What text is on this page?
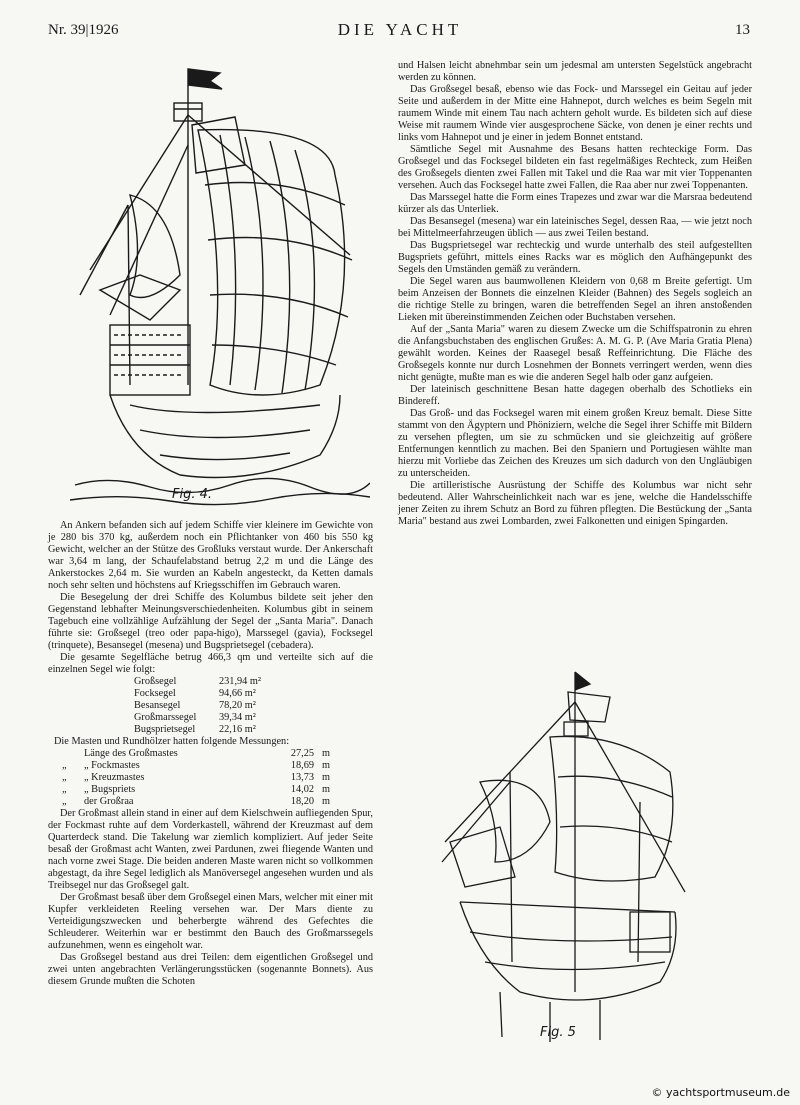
Nr. 39|1926	DIE YACHT	13
Fig. 4.

An Ankern befanden sich auf jedem Schiffe vier kleinere im Gewichte von je 280 bis 370 kg, außerdem noch ein Pflichtanker von 460 bis 550 kg Gewicht, welcher an der Stütze des Großluks verstaut wurde. Der Ankerschaft war 3,64 m lang, der Schaufelabstand betrug 2,2 m und die Länge des Ankerstockes 2,64 m. Sie wurden an Kabeln angesteckt, da Ketten damals noch sehr selten und höchstens auf Kriegsschiffen im Gebrauch waren.

Die Besegelung der drei Schiffe des Kolumbus bildete seit jeher den Gegenstand lebhafter Meinungsverschiedenheiten. Kolumbus gibt in seinem Tagebuch eine vollzählige Aufzählung der Segel der „Santa Maria". Danach führte sie: Großsegel (treo oder papa-higo), Marssegel (gavia), Focksegel (trinquete), Besansegel (mesena) und Bugsprietsegel (cebadera).

Die gesamte Segelfläche betrug 466,3 qm und verteilte sich auf die einzelnen Segel wie folgt:

Großsegel	231,94 m²
Focksegel	94,66 m²
Besansegel	78,20 m²
Großmarssegel	39,34 m²
Bugsprietsegel	22,16 m²

Die Masten und Rundhölzer hatten folgende Messungen:

Länge des Großmastes	27,25 m
„	„ Fockmastes	18,69 m
„	„ Kreuzmastes	13,73 m
„	„ Bugspriets	14,02 m
„	der Großraa	18,20 m

Der Großmast allein stand in einer auf dem Kielschwein aufliegenden Spur, der Fockmast ruhte auf dem Vorderkastell, während der Kreuzmast auf dem Quarterdeck stand. Die Takelung war ziemlich kompliziert. Auf jeder Seite besaß der Großmast acht Wanten, zwei Pardunen, zwei fliegende Wanten und nach vorne zwei Stage. Die beiden anderen Maste waren nicht so vollkommen abgestagt, da ihre Segel lediglich als Manöversegel angesehen wurden und als Treibsegel nur das Großsegel galt.

Der Großmast besaß über dem Großsegel einen Mars, welcher mit einer mit Kupfer verkleideten Reeling versehen war. Der Mars diente zu Verteidigungszwecken und beherbergte während des Gefechtes die Schleuderer. Weiterhin war er bestimmt den Bauch des Großmarssegels aufzunehmen, wenn es eingeholt war.

Das Großsegel bestand aus drei Teilen: dem eigentlichen Großsegel und zwei unten angebrachten Verlängerungsstücken (sogenannte Bonnets). Aus diesem Grunde mußten die Schoten

und Halsen leicht abnehmbar sein um jedesmal am untersten Segelstück angebracht werden zu können.

Das Großsegel besaß, ebenso wie das Fock- und Marssegel ein Geitau auf jeder Seite und außerdem in der Mitte eine Hahnepot, durch welches es beim Segeln mit raumem Winde mit einem Tau nach achtern geholt wurde. Es bildeten sich auf diese Weise mit raumem Winde vier ausgesprochene Säcke, von denen je einer rechts und links vom Hahnepot und je einer in jedem Bonnet entstand.

Sämtliche Segel mit Ausnahme des Besans hatten rechteckige Form. Das Großsegel und das Focksegel bildeten ein fast regelmäßiges Rechteck, zum Heißen des Großsegels dienten zwei Fallen mit Takel und die Raa war mit vier Toppenanten versehen. Auch das Focksegel hatte zwei Fallen, die Raa aber nur zwei Toppenanten.

Das Marssegel hatte die Form eines Trapezes und zwar war die Marsraa bedeutend kürzer als das Unterliek.

Das Besansegel (mesena) war ein lateinisches Segel, dessen Raa, — wie jetzt noch bei Mittelmeerfahrzeugen üblich — aus zwei Teilen bestand.

Das Bugsprietsegel war rechteckig und wurde unterhalb des steil aufgestellten Bugspriets geführt, mittels eines Racks war es möglich den Aufhängepunkt des Segels den Umständen gemäß zu verändern.

Die Segel waren aus baumwollenen Kleidern von 0,68 m Breite gefertigt. Um beim Anzeisen der Bonnets die einzelnen Kleider (Bahnen) des Segels sogleich an die richtige Stelle zu bringen, waren die betreffenden Segel an ihren anstoßenden Lieken mit übereinstimmenden Zeichen oder Buchstaben versehen.

Auf der „Santa Maria" waren zu diesem Zwecke um die Schiffspatronin zu ehren die Anfangsbuchstaben des englischen Grußes: A. M. G. P. (Ave Maria Gratia Plena) gewählt worden. Keines der Raasegel besaß Reffeinrichtung. Die Fläche des Großsegels konnte nur durch Losnehmen der Bonnets verringert werden, wenn dies nicht genügte, mußte man es wie die anderen Segel halb oder ganz aufgeien.

Der lateinisch geschnittene Besan hatte dagegen oberhalb des Schotlieks ein Bindereff.

Das Groß- und das Focksegel waren mit einem großen Kreuz bemalt. Diese Sitte stammt von den Ägyptern und Phöniziern, welche die Segel ihrer Schiffe mit Bildern zu versehen pflegten, um sie zu schmücken und sie gleichzeitig auf größere Entfernungen kenntlich zu machen. Bei den Spaniern und Portugiesen wählte man hierzu mit Vorliebe das Zeichen des Kreuzes um sich dadurch von den Ungläubigen zu unterscheiden.

Die artilleristische Ausrüstung der Schiffe des Kolumbus war nicht sehr bedeutend. Aller Wahrscheinlichkeit nach war es jene, welche die Handelsschiffe jener Zeiten zu ihrem Schutz an Bord zu führen pflegten. Die Bestückung der „Santa Maria" bestand aus zwei Lombarden, zwei Falkonetten und einigen Spingarden.

Fig. 5
© yachtsportmuseum.de
